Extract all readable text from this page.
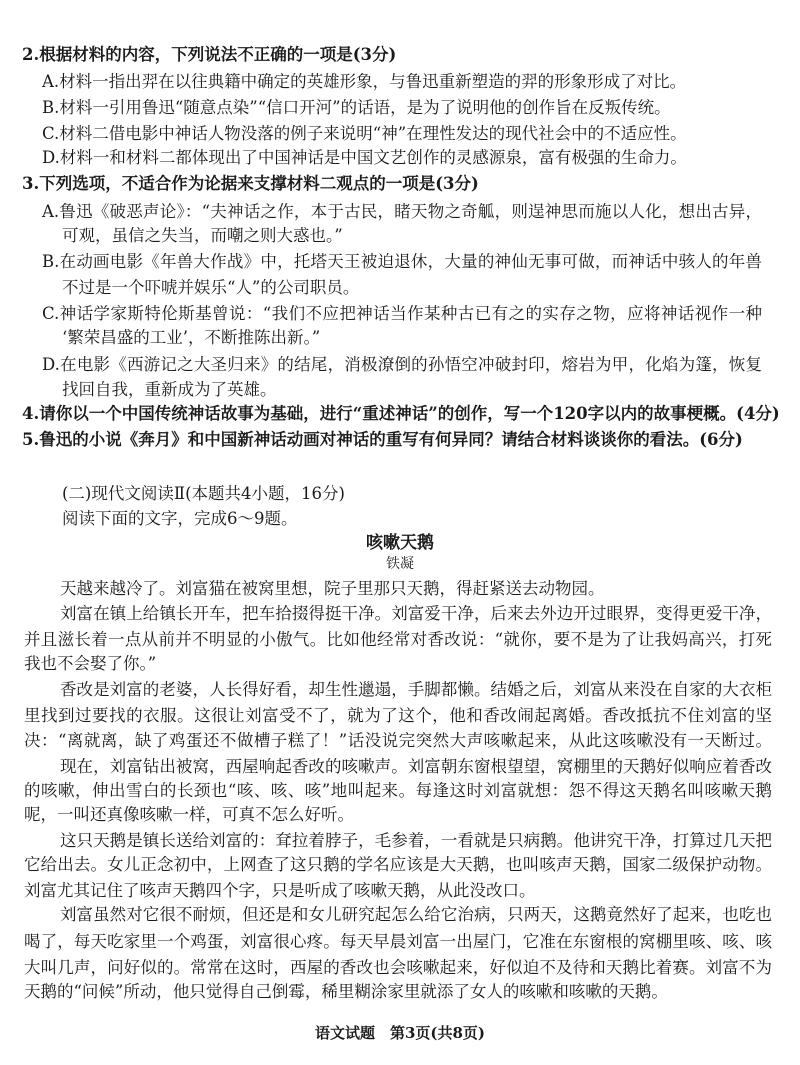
2.根据材料的内容，下列说法不正确的一项是(3分)
A.材料一指出羿在以往典籍中确定的英雄形象，与鲁迅重新塑造的羿的形象形成了对比。
B.材料一引用鲁迅“随意点染”“信口开河”的话语，是为了说明他的创作旨在反叛传统。
C.材料二借电影中神话人物没落的例子来说明“神”在理性发达的现代社会中的不适应性。
D.材料一和材料二都体现出了中国神话是中国文艺创作的灵感源泉，富有极强的生命力。
3.下列选项，不适合作为论据来支撑材料二观点的一项是(3分)
A.鲁迅《破恶声论》：“夫神话之作，本于古民，睹天物之奇觚，则逞神思而施以人化，想出古异，
可观，虽信之失当，而嘲之则大惑也。”
B.在动画电影《年兽大作战》中，托塔天王被迫退休，大量的神仙无事可做，而神话中骇人的年兽
不过是一个吓唬并娱乐“人”的公司职员。
C.神话学家斯特伦斯基曾说：“我们不应把神话当作某种古已有之的实存之物，应将神话视作一种
‘繁荣昌盛的工业’，不断推陈出新。”
D.在电影《西游记之大圣归来》的结尾，消极潦倒的孙悟空冲破封印，熔岩为甲，化焰为篷，恢复
找回自我，重新成为了英雄。
4.请你以一个中国传统神话故事为基础，进行“重述神话”的创作，写一个120字以内的故事梗概。(4分)
5.鲁迅的小说《奔月》和中国新神话动画对神话的重写有何异同？请结合材料谈谈你的看法。(6分)
(二)现代文阅读Ⅱ(本题共4小题，16分)
阅读下面的文字，完成6～9题。
咳嗽天鹅
铁凝
天越来越冷了。刘富猫在被窝里想，院子里那只天鹅，得赶紧送去动物园。
刘富在镇上给镇长开车，把车拾掇得挺干净。刘富爱干净，后来去外边开过眼界，变得更爱干净，
并且滋长着一点从前并不明显的小傲气。比如他经常对香改说：“就你，要不是为了让我妈高兴，打死
我也不会娶了你。”
香改是刘富的老婆，人长得好看，却生性邋遢，手脚都懒。结婚之后，刘富从来没在自家的大衣柜
里找到过要找的衣服。这很让刘富受不了，就为了这个，他和香改闹起离婚。香改抵抗不住刘富的坚
决：“离就离，缺了鸡蛋还不做槽子糕了！”话没说完突然大声咳嗽起来，从此这咳嗽没有一天断过。
现在，刘富钻出被窝，西屋响起香改的咳嗽声。刘富朝东窗根望望，窝棚里的天鹅好似响应着香改
的咳嗽，伸出雪白的长颈也“咳、咳、咳”地叫起来。每逢这时刘富就想：怨不得这天鹅名叫咳嗽天鹅
呢，一叫还真像咳嗽一样，可真不怎么好听。
这只天鹅是镇长送给刘富的：耷拉着脖子，毛参着，一看就是只病鹅。他讲究干净，打算过几天把
它给出去。女儿正念初中，上网查了这只鹅的学名应该是大天鹅，也叫咳声天鹅，国家二级保护动物。
刘富尤其记住了咳声天鹅四个字，只是听成了咳嗽天鹅，从此没改口。
刘富虽然对它很不耐烦，但还是和女儿研究起怎么给它治病，只两天，这鹅竟然好了起来，也吃也
喝了，每天吃家里一个鸡蛋，刘富很心疼。每天早晨刘富一出屋门，它准在东窗根的窝棚里咳、咳、咳
大叫几声，问好似的。常常在这时，西屋的香改也会咳嗽起来，好似迫不及待和天鹅比着赛。刘富不为
天鹅的“问候”所动，他只觉得自己倒霉，稀里糊涂家里就添了女人的咳嗽和咳嗽的天鹅。
语文试题　第3页(共8页)
